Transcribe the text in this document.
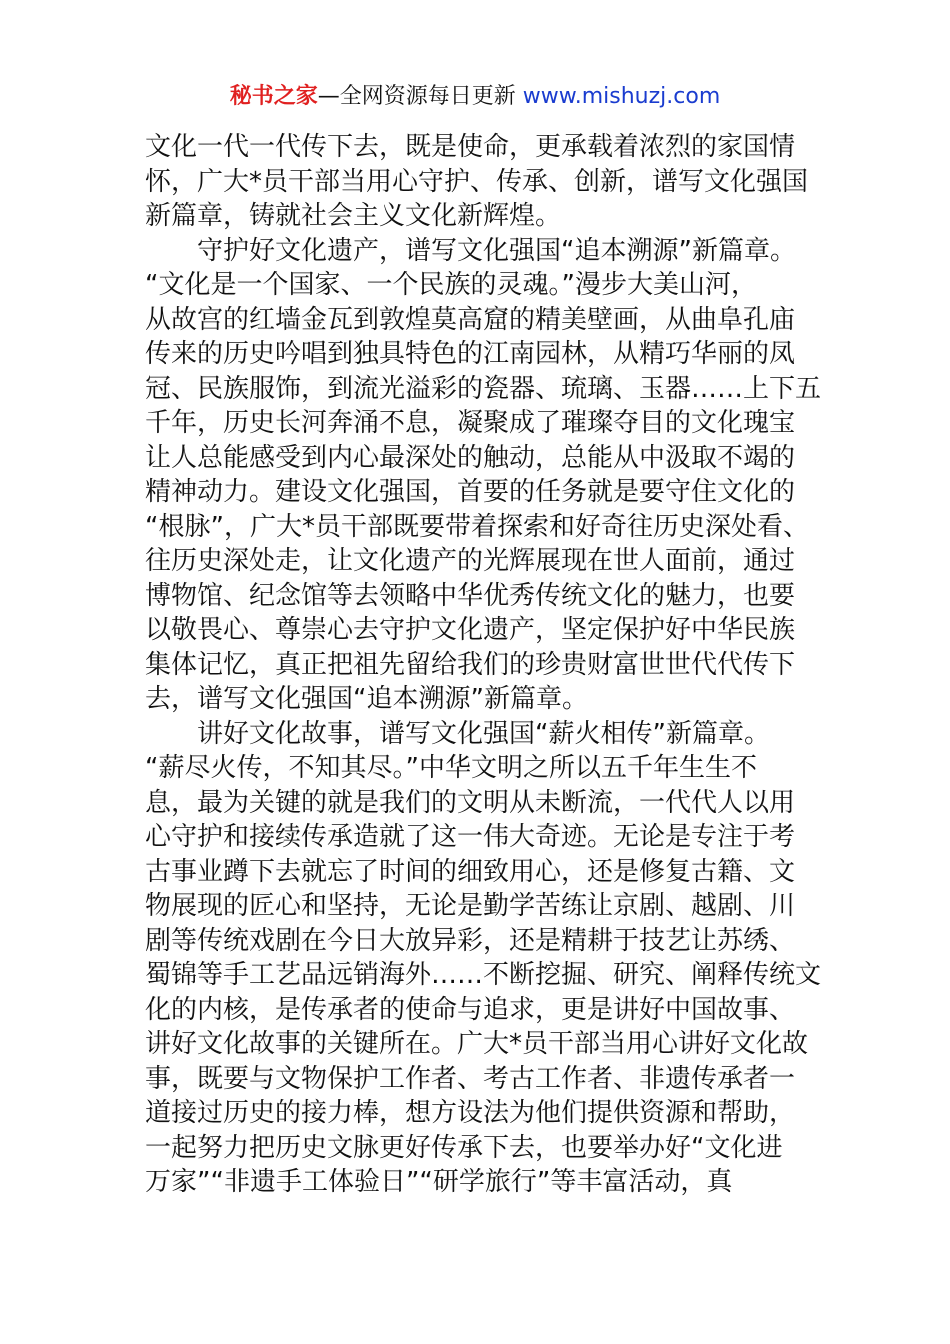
秘书之家—全网资源每日更新 www.mishuzj.com
文化一代一代传下去，既是使命，更承载着浓烈的家国情
怀，广大*员干部当用心守护、传承、创新，谱写文化强国
新篇章，铸就社会主义文化新辉煌。
　　守护好文化遗产，谱写文化强国“追本溯源”新篇章。
“文化是一个国家、一个民族的灵魂。”漫步大美山河，
从故宫的红墙金瓦到敦煌莫高窟的精美壁画，从曲阜孔庙
传来的历史吟唱到独具特色的江南园林，从精巧华丽的凤
冠、民族服饰，到流光溢彩的瓷器、琉璃、玉器……上下五
千年，历史长河奔涌不息，凝聚成了璀璨夺目的文化瑰宝
让人总能感受到内心最深处的触动，总能从中汲取不竭的
精神动力。建设文化强国，首要的任务就是要守住文化的
“根脉”，广大*员干部既要带着探索和好奇往历史深处看、
往历史深处走，让文化遗产的光辉展现在世人面前，通过
博物馆、纪念馆等去领略中华优秀传统文化的魅力，也要
以敬畏心、尊崇心去守护文化遗产，坚定保护好中华民族
集体记忆，真正把祖先留给我们的珍贵财富世世代代传下
去，谱写文化强国“追本溯源”新篇章。
　　讲好文化故事，谱写文化强国“薪火相传”新篇章。
“薪尽火传，不知其尽。”中华文明之所以五千年生生不
息，最为关键的就是我们的文明从未断流，一代代人以用
心守护和接续传承造就了这一伟大奇迹。无论是专注于考
古事业蹲下去就忘了时间的细致用心，还是修复古籍、文
物展现的匠心和坚持，无论是勤学苦练让京剧、越剧、川
剧等传统戏剧在今日大放异彩，还是精耕于技艺让苏绣、
蜀锦等手工艺品远销海外……不断挖掘、研究、阐释传统文
化的内核，是传承者的使命与追求，更是讲好中国故事、
讲好文化故事的关键所在。广大*员干部当用心讲好文化故
事，既要与文物保护工作者、考古工作者、非遗传承者一
道接过历史的接力棒，想方设法为他们提供资源和帮助，
一起努力把历史文脉更好传承下去，也要举办好“文化进
万家”“非遗手工体验日”“研学旅行”等丰富活动，真
